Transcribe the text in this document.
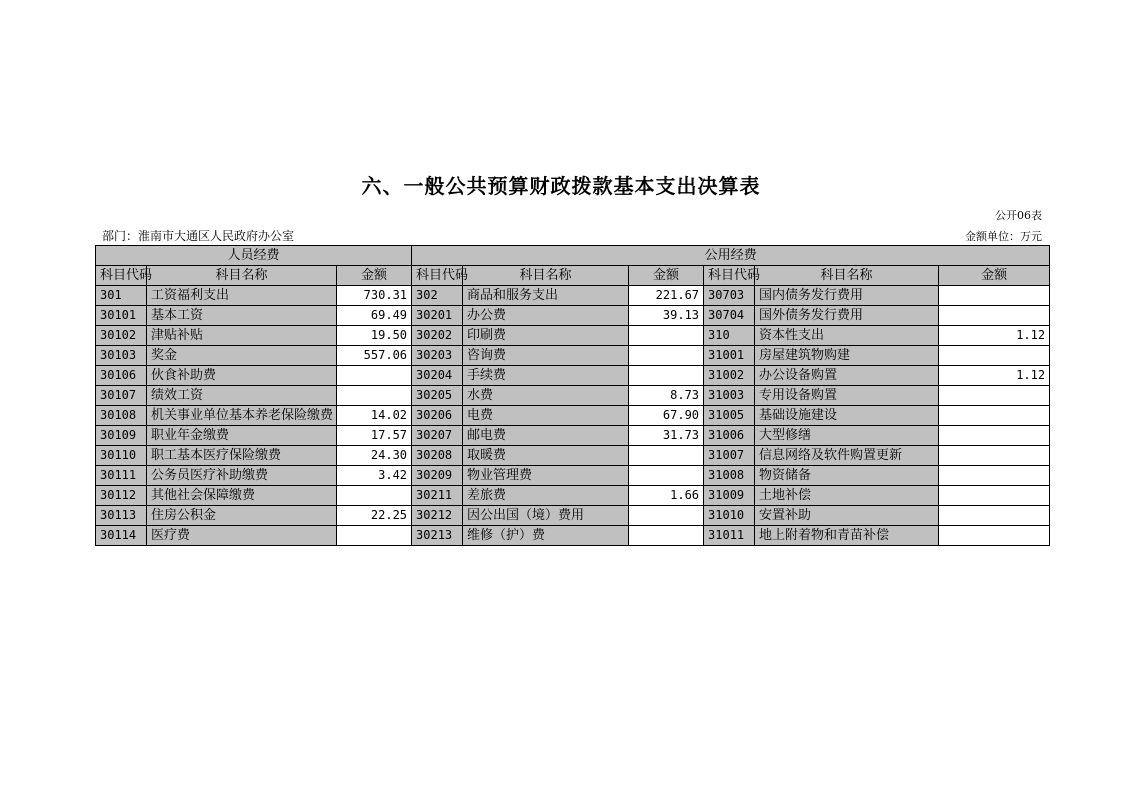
六、一般公共预算财政拨款基本支出决算表
公开06表
部门：淮南市大通区人民政府办公室	金额单位：万元
人员经费			公用经费					
科目代码	科目名称	金额	科目代码	科目名称	金额	科目代码	科目名称	金额
301	工资福利支出	730.31	302	商品和服务支出	221.67	30703	国内债务发行费用	
30101	基本工资	69.49	30201	办公费	39.13	30704	国外债务发行费用	
30102	津贴补贴	19.50	30202	印刷费		310	资本性支出	1.12
30103	奖金	557.06	30203	咨询费		31001	房屋建筑物购建	
30106	伙食补助费		30204	手续费		31002	办公设备购置	1.12
30107	绩效工资		30205	水费	8.73	31003	专用设备购置	
30108	机关事业单位基本养老保险缴费	14.02	30206	电费	67.90	31005	基础设施建设	
30109	职业年金缴费	17.57	30207	邮电费	31.73	31006	大型修缮	
30110	职工基本医疗保险缴费	24.30	30208	取暖费		31007	信息网络及软件购置更新	
30111	公务员医疗补助缴费	3.42	30209	物业管理费		31008	物资储备	
30112	其他社会保障缴费		30211	差旅费	1.66	31009	土地补偿	
30113	住房公积金	22.25	30212	因公出国（境）费用		31010	安置补助	
30114	医疗费		30213	维修（护）费		31011	地上附着物和青苗补偿	
